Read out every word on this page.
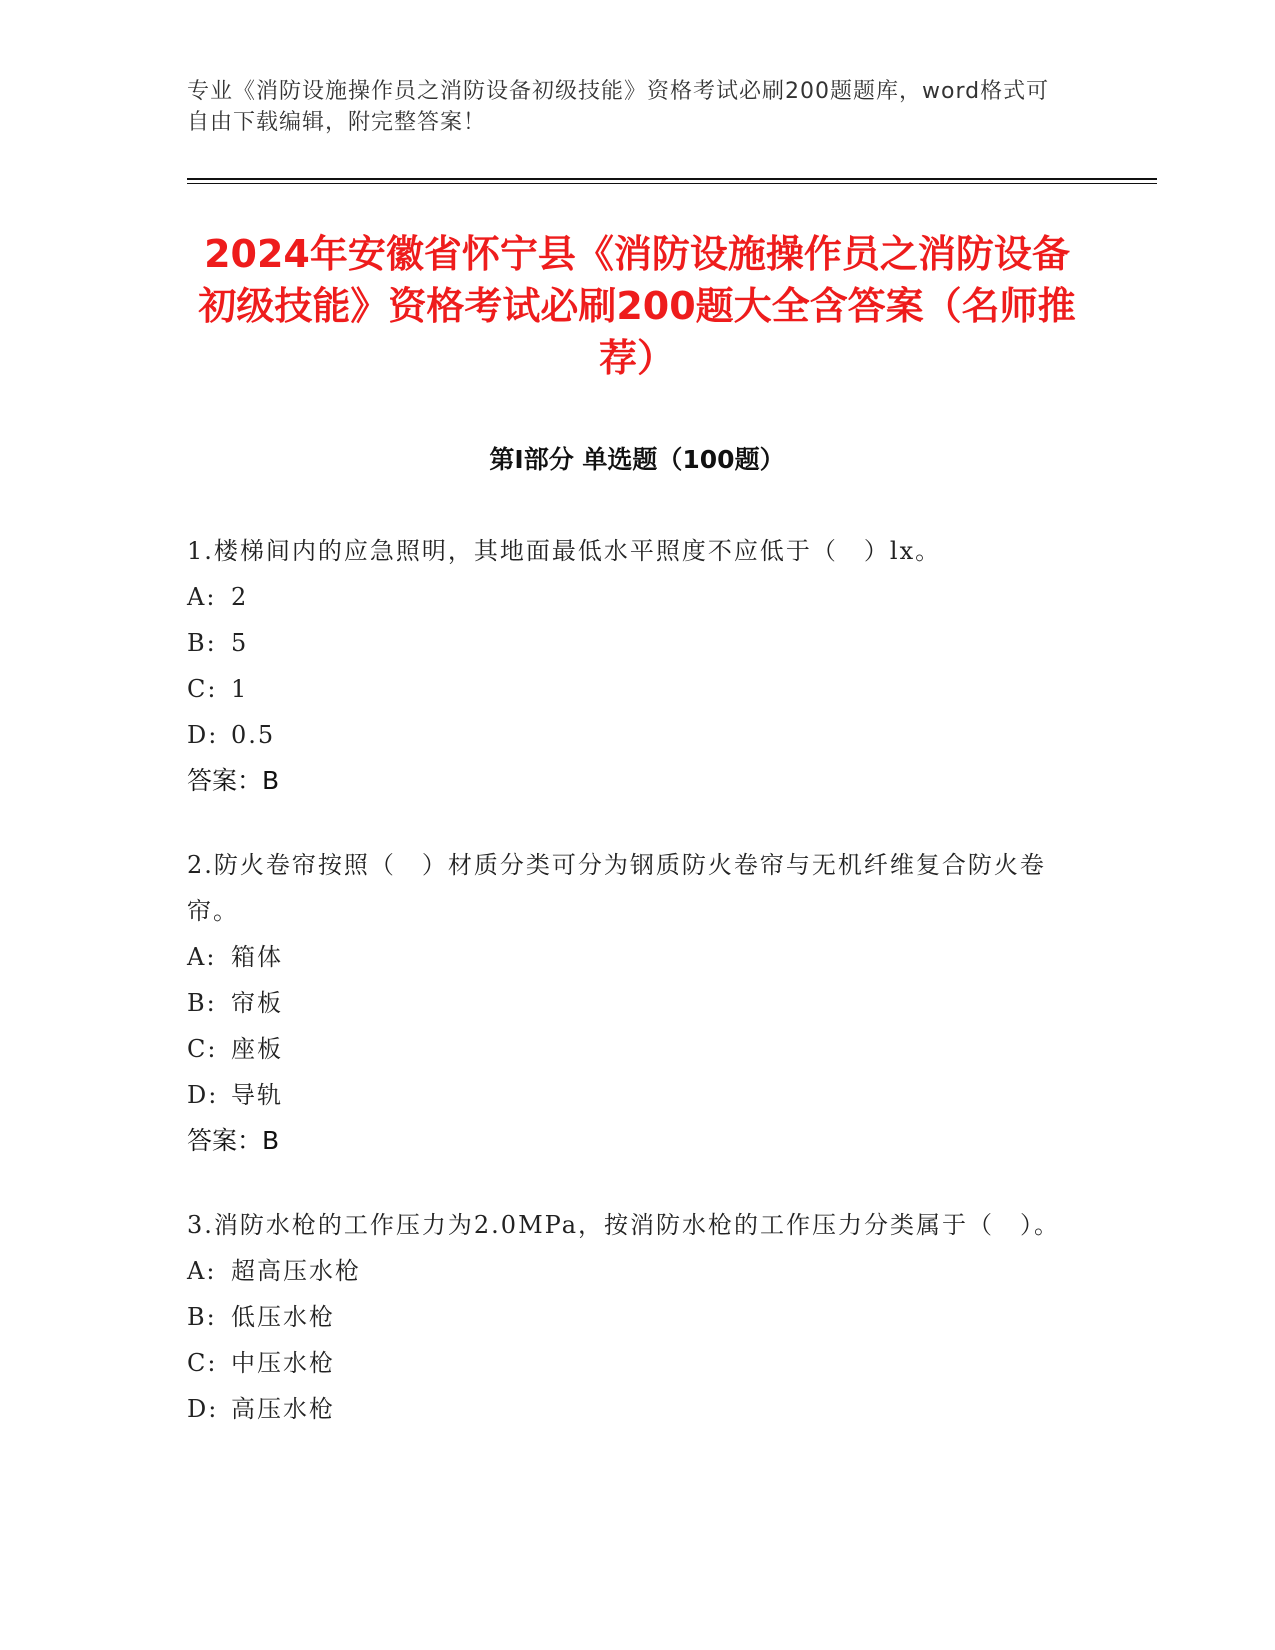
专业《消防设施操作员之消防设备初级技能》资格考试必刷200题题库，word格式可自由下载编辑，附完整答案！
2024年安徽省怀宁县《消防设施操作员之消防设备初级技能》资格考试必刷200题大全含答案（名师推荐）
第Ⅰ部分 单选题（100题）
1.楼梯间内的应急照明，其地面最低水平照度不应低于（　）lx。
A: 2
B: 5
C: 1
D: 0.5
答案：B
2.防火卷帘按照（　）材质分类可分为钢质防火卷帘与无机纤维复合防火卷帘。
A: 箱体
B: 帘板
C: 座板
D: 导轨
答案：B
3.消防水枪的工作压力为2.0MPa，按消防水枪的工作压力分类属于（　）。
A: 超高压水枪
B: 低压水枪
C: 中压水枪
D: 高压水枪
